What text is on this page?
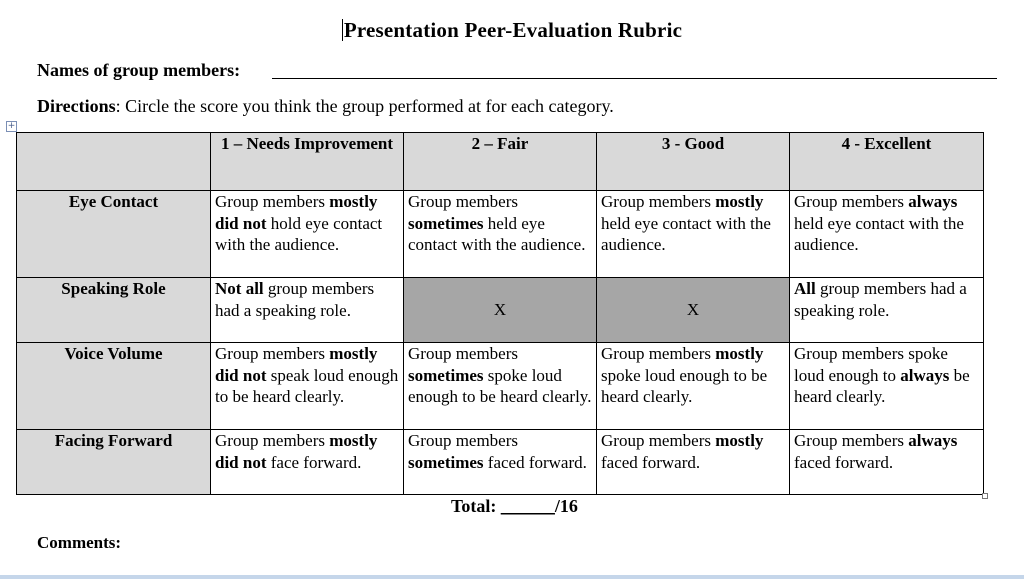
Presentation Peer-Evaluation Rubric
Names of group members:
Directions: Circle the score you think the group performed at for each category.
+
	1 – Needs Improvement	2 – Fair	3 - Good	4 - Excellent
Eye Contact	Group members mostly did not hold eye contact with the audience.	Group members sometimes held eye contact with the audience.	Group members mostly held eye contact with the audience.	Group members always held eye contact with the audience.
Speaking Role	Not all group members had a speaking role.	X	X	All group members had a speaking role.
Voice Volume	Group members mostly did not speak loud enough to be heard clearly.	Group members sometimes spoke loud enough to be heard clearly.	Group members mostly spoke loud enough to be heard clearly.	Group members spoke loud enough to always be heard clearly.
Facing Forward	Group members mostly did not face forward.	Group members sometimes faced forward.	Group members mostly faced forward.	Group members always faced forward.
Total: ______/16
Comments:
